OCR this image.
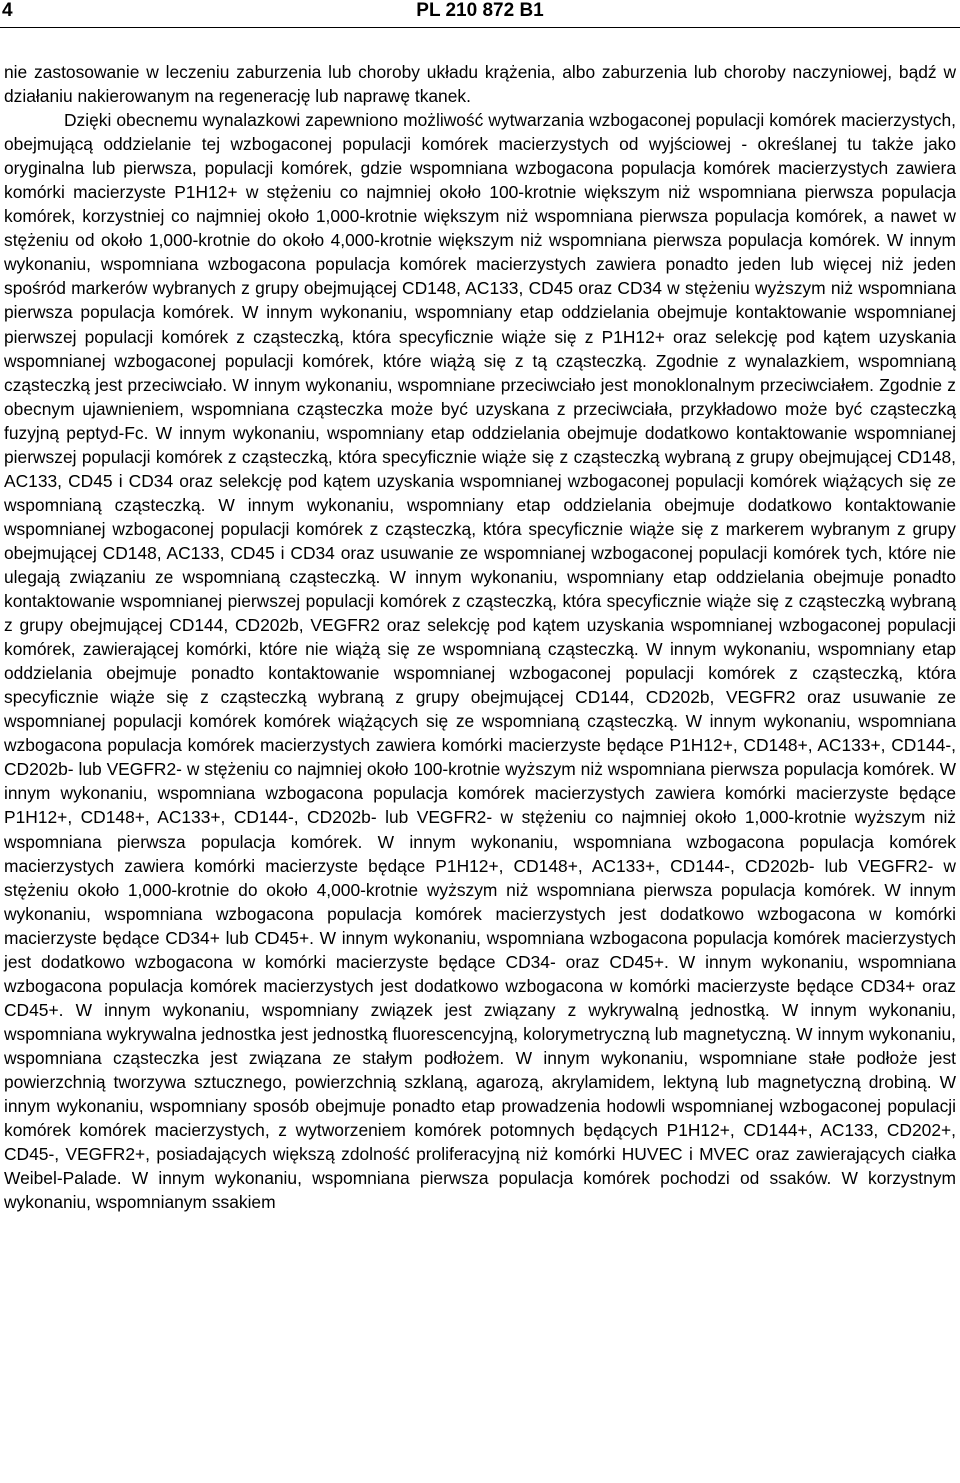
4	PL 210 872 B1

nie zastosowanie w leczeniu zaburzenia lub choroby układu krążenia, albo zaburzenia lub choroby naczyniowej, bądź w działaniu nakierowanym na regenerację lub naprawę tkanek.

Dzięki obecnemu wynalazkowi zapewniono możliwość wytwarzania wzbogaconej populacji komórek macierzystych, obejmującą oddzielanie tej wzbogaconej populacji komórek macierzystych od wyjściowej - określanej tu także jako oryginalna lub pierwsza, populacji komórek, gdzie wspomniana wzbogacona populacja komórek macierzystych zawiera komórki macierzyste P1H12+ w stężeniu co najmniej około 100-krotnie większym niż wspomniana pierwsza populacja komórek, korzystniej co najmniej około 1,000-krotnie większym niż wspomniana pierwsza populacja komórek, a nawet w stężeniu od około 1,000-krotnie do około 4,000-krotnie większym niż wspomniana pierwsza populacja komórek. W innym wykonaniu, wspomniana wzbogacona populacja komórek macierzystych zawiera ponadto jeden lub więcej niż jeden spośród markerów wybranych z grupy obejmującej CD148, AC133, CD45 oraz CD34 w stężeniu wyższym niż wspomniana pierwsza populacja komórek. W innym wykonaniu, wspomniany etap oddzielania obejmuje kontaktowanie wspomnianej pierwszej populacji komórek z cząsteczką, która specyficznie wiąże się z P1H12+ oraz selekcję pod kątem uzyskania wspomnianej wzbogaconej populacji komórek, które wiążą się z tą cząsteczką. Zgodnie z wynalazkiem, wspomnianą cząsteczką jest przeciwciało. W innym wykonaniu, wspomniane przeciwciało jest monoklonalnym przeciwciałem. Zgodnie z obecnym ujawnieniem, wspomniana cząsteczka może być uzyskana z przeciwciała, przykładowo może być cząsteczką fuzyjną peptyd-Fc. W innym wykonaniu, wspomniany etap oddzielania obejmuje dodatkowo kontaktowanie wspomnianej pierwszej populacji komórek z cząsteczką, która specyficznie wiąże się z cząsteczką wybraną z grupy obejmującej CD148, AC133, CD45 i CD34 oraz selekcję pod kątem uzyskania wspomnianej wzbogaconej populacji komórek wiążących się ze wspomnianą cząsteczką. W innym wykonaniu, wspomniany etap oddzielania obejmuje dodatkowo kontaktowanie wspomnianej wzbogaconej populacji komórek z cząsteczką, która specyficznie wiąże się z markerem wybranym z grupy obejmującej CD148, AC133, CD45 i CD34 oraz usuwanie ze wspomnianej wzbogaconej populacji komórek tych, które nie ulegają związaniu ze wspomnianą cząsteczką. W innym wykonaniu, wspomniany etap oddzielania obejmuje ponadto kontaktowanie wspomnianej pierwszej populacji komórek z cząsteczką, która specyficznie wiąże się z cząsteczką wybraną z grupy obejmującej CD144, CD202b, VEGFR2 oraz selekcję pod kątem uzyskania wspomnianej wzbogaconej populacji komórek, zawierającej komórki, które nie wiążą się ze wspomnianą cząsteczką. W innym wykonaniu, wspomniany etap oddzielania obejmuje ponadto kontaktowanie wspomnianej wzbogaconej populacji komórek z cząsteczką, która specyficznie wiąże się z cząsteczką wybraną z grupy obejmującej CD144, CD202b, VEGFR2 oraz usuwanie ze wspomnianej populacji komórek komórek wiążących się ze wspomnianą cząsteczką. W innym wykonaniu, wspomniana wzbogacona populacja komórek macierzystych zawiera komórki macierzyste będące P1H12+, CD148+, AC133+, CD144-, CD202b- lub VEGFR2- w stężeniu co najmniej około 100-krotnie wyższym niż wspomniana pierwsza populacja komórek. W innym wykonaniu, wspomniana wzbogacona populacja komórek macierzystych zawiera komórki macierzyste będące P1H12+, CD148+, AC133+, CD144-, CD202b- lub VEGFR2- w stężeniu co najmniej około 1,000-krotnie wyższym niż wspomniana pierwsza populacja komórek. W innym wykonaniu, wspomniana wzbogacona populacja komórek macierzystych zawiera komórki macierzyste będące P1H12+, CD148+, AC133+, CD144-, CD202b- lub VEGFR2- w stężeniu około 1,000-krotnie do około 4,000-krotnie wyższym niż wspomniana pierwsza populacja komórek. W innym wykonaniu, wspomniana wzbogacona populacja komórek macierzystych jest dodatkowo wzbogacona w komórki macierzyste będące CD34+ lub CD45+. W innym wykonaniu, wspomniana wzbogacona populacja komórek macierzystych jest dodatkowo wzbogacona w komórki macierzyste będące CD34- oraz CD45+. W innym wykonaniu, wspomniana wzbogacona populacja komórek macierzystych jest dodatkowo wzbogacona w komórki macierzyste będące CD34+ oraz CD45+. W innym wykonaniu, wspomniany związek jest związany z wykrywalną jednostką. W innym wykonaniu, wspomniana wykrywalna jednostka jest jednostką fluorescencyjną, kolorymetryczną lub magnetyczną. W innym wykonaniu, wspomniana cząsteczka jest związana ze stałym podłożem. W innym wykonaniu, wspomniane stałe podłoże jest powierzchnią tworzywa sztucznego, powierzchnią szklaną, agarozą, akrylamidem, lektyną lub magnetyczną drobiną. W innym wykonaniu, wspomniany sposób obejmuje ponadto etap prowadzenia hodowli wspomnianej wzbogaconej populacji komórek komórek macierzystych, z wytworzeniem komórek potomnych będących P1H12+, CD144+, AC133, CD202+, CD45-, VEGFR2+, posiadających większą zdolność proliferacyjną niż komórki HUVEC i MVEC oraz zawierających ciałka Weibel-Palade. W innym wykonaniu, wspomniana pierwsza populacja komórek pochodzi od ssaków. W korzystnym wykonaniu, wspomnianym ssakiem
